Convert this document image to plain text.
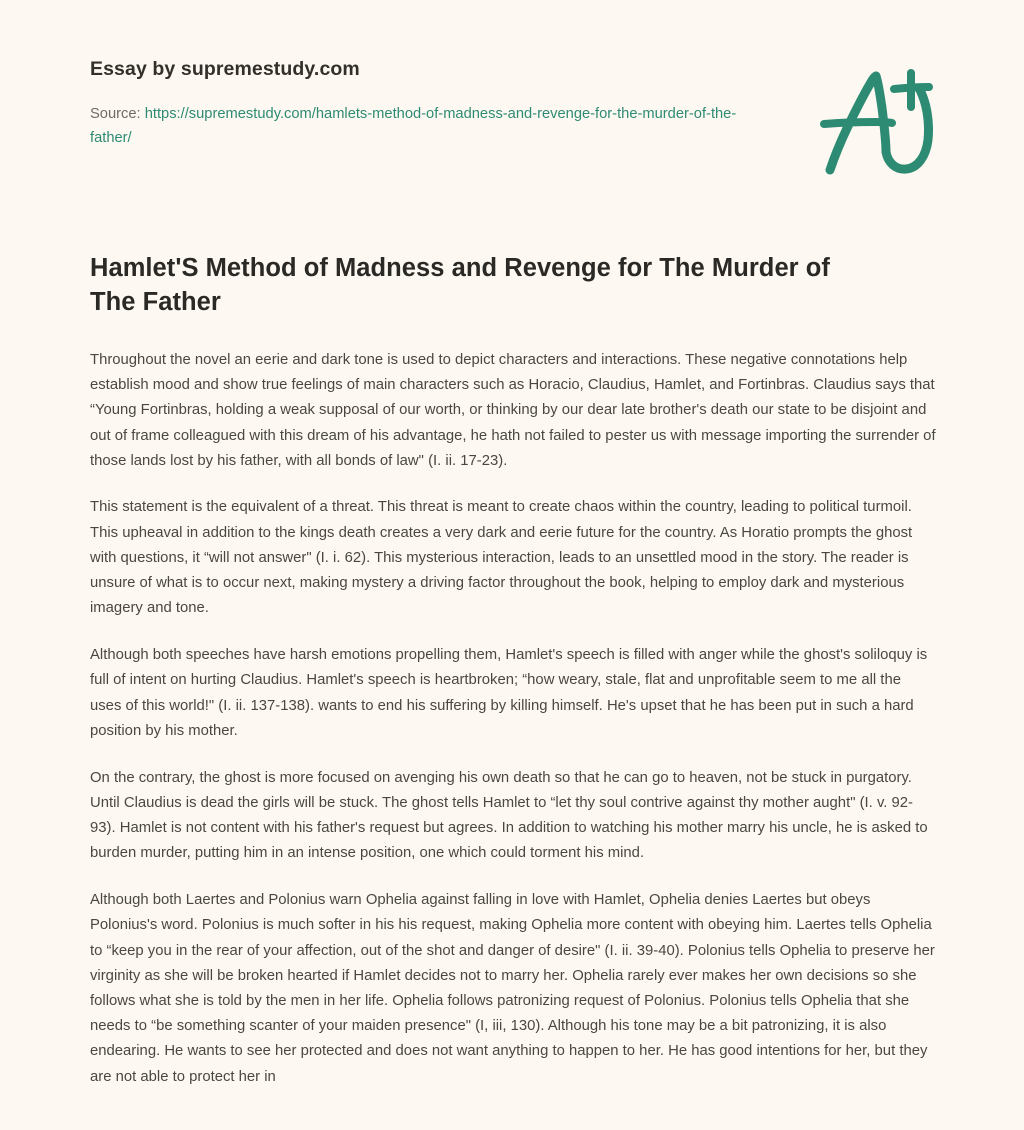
Essay by supremestudy.com
Source: https://supremestudy.com/hamlets-method-of-madness-and-revenge-for-the-murder-of-the-father/
Hamlet'S Method of Madness and Revenge for The Murder of The Father

Throughout the novel an eerie and dark tone is used to depict characters and interactions. These negative connotations help establish mood and show true feelings of main characters such as Horacio, Claudius, Hamlet, and Fortinbras. Claudius says that “Young Fortinbras, holding a weak supposal of our worth, or thinking by our dear late brother's death our state to be disjoint and out of frame colleagued with this dream of his advantage, he hath not failed to pester us with message importing the surrender of those lands lost by his father, with all bonds of law" (I. ii. 17-23).

This statement is the equivalent of a threat. This threat is meant to create chaos within the country, leading to political turmoil. This upheaval in addition to the kings death creates a very dark and eerie future for the country. As Horatio prompts the ghost with questions, it “will not answer" (I. i. 62). This mysterious interaction, leads to an unsettled mood in the story. The reader is unsure of what is to occur next, making mystery a driving factor throughout the book, helping to employ dark and mysterious imagery and tone.

Although both speeches have harsh emotions propelling them, Hamlet's speech is filled with anger while the ghost's soliloquy is full of intent on hurting Claudius. Hamlet's speech is heartbroken; “how weary, stale, flat and unprofitable seem to me all the uses of this world!" (I. ii. 137-138). wants to end his suffering by killing himself. He's upset that he has been put in such a hard position by his mother.

On the contrary, the ghost is more focused on avenging his own death so that he can go to heaven, not be stuck in purgatory. Until Claudius is dead the girls will be stuck. The ghost tells Hamlet to “let thy soul contrive against thy mother aught" (I. v. 92-93). Hamlet is not content with his father's request but agrees. In addition to watching his mother marry his uncle, he is asked to burden murder, putting him in an intense position, one which could torment his mind.

Although both Laertes and Polonius warn Ophelia against falling in love with Hamlet, Ophelia denies Laertes but obeys Polonius's word. Polonius is much softer in his his request, making Ophelia more content with obeying him. Laertes tells Ophelia to “keep you in the rear of your affection, out of the shot and danger of desire" (I. ii. 39-40). Polonius tells Ophelia to preserve her virginity as she will be broken hearted if Hamlet decides not to marry her. Ophelia rarely ever makes her own decisions so she follows what she is told by the men in her life. Ophelia follows patronizing request of Polonius. Polonius tells Ophelia that she needs to “be something scanter of your maiden presence" (I, iii, 130). Although his tone may be a bit patronizing, it is also endearing. He wants to see her protected and does not want anything to happen to her. He has good intentions for her, but they are not able to protect her in
